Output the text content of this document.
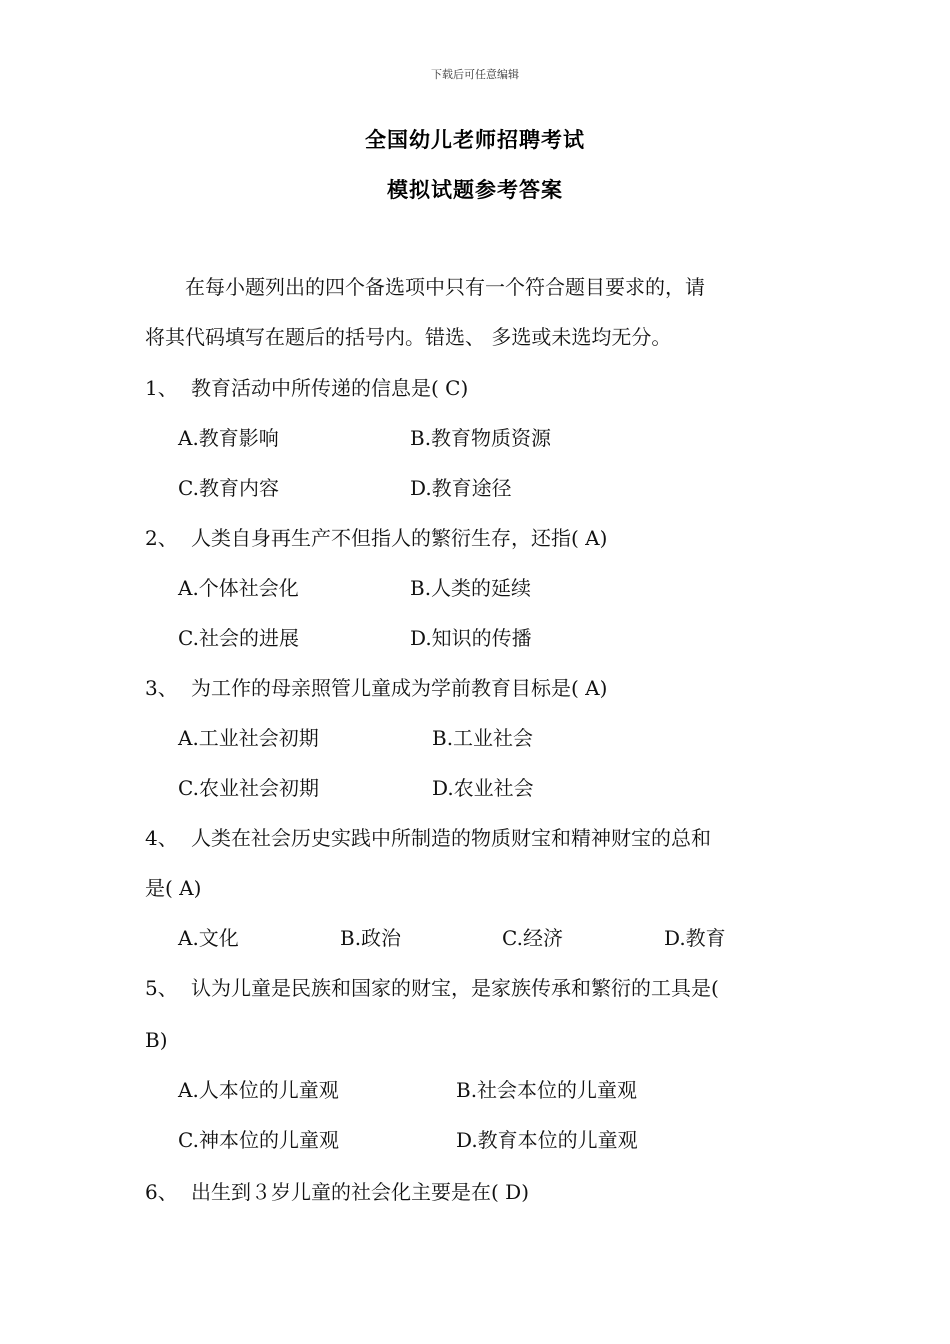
下载后可任意编辑
全国幼儿老师招聘考试
模拟试题参考答案
　　在每小题列出的四个备选项中只有一个符合题目要求的，请
将其代码填写在题后的括号内。错选、 多选或未选均无分。
1、 教育活动中所传递的信息是( C)
A.教育影响	B.教育物质资源
C.教育内容	D.教育途径
2、 人类自身再生产不但指人的繁衍生存，还指( A)
A.个体社会化	B.人类的延续
C.社会的进展	D.知识的传播
3、 为工作的母亲照管儿童成为学前教育目标是( A)
A.工业社会初期	B.工业社会
C.农业社会初期	D.农业社会
4、 人类在社会历史实践中所制造的物质财宝和精神财宝的总和
是( A)
A.文化	B.政治	C.经济	D.教育
5、 认为儿童是民族和国家的财宝，是家族传承和繁衍的工具是(
B)
A.人本位的儿童观	B.社会本位的儿童观
C.神本位的儿童观	D.教育本位的儿童观
6、 出生到３岁儿童的社会化主要是在( D)
